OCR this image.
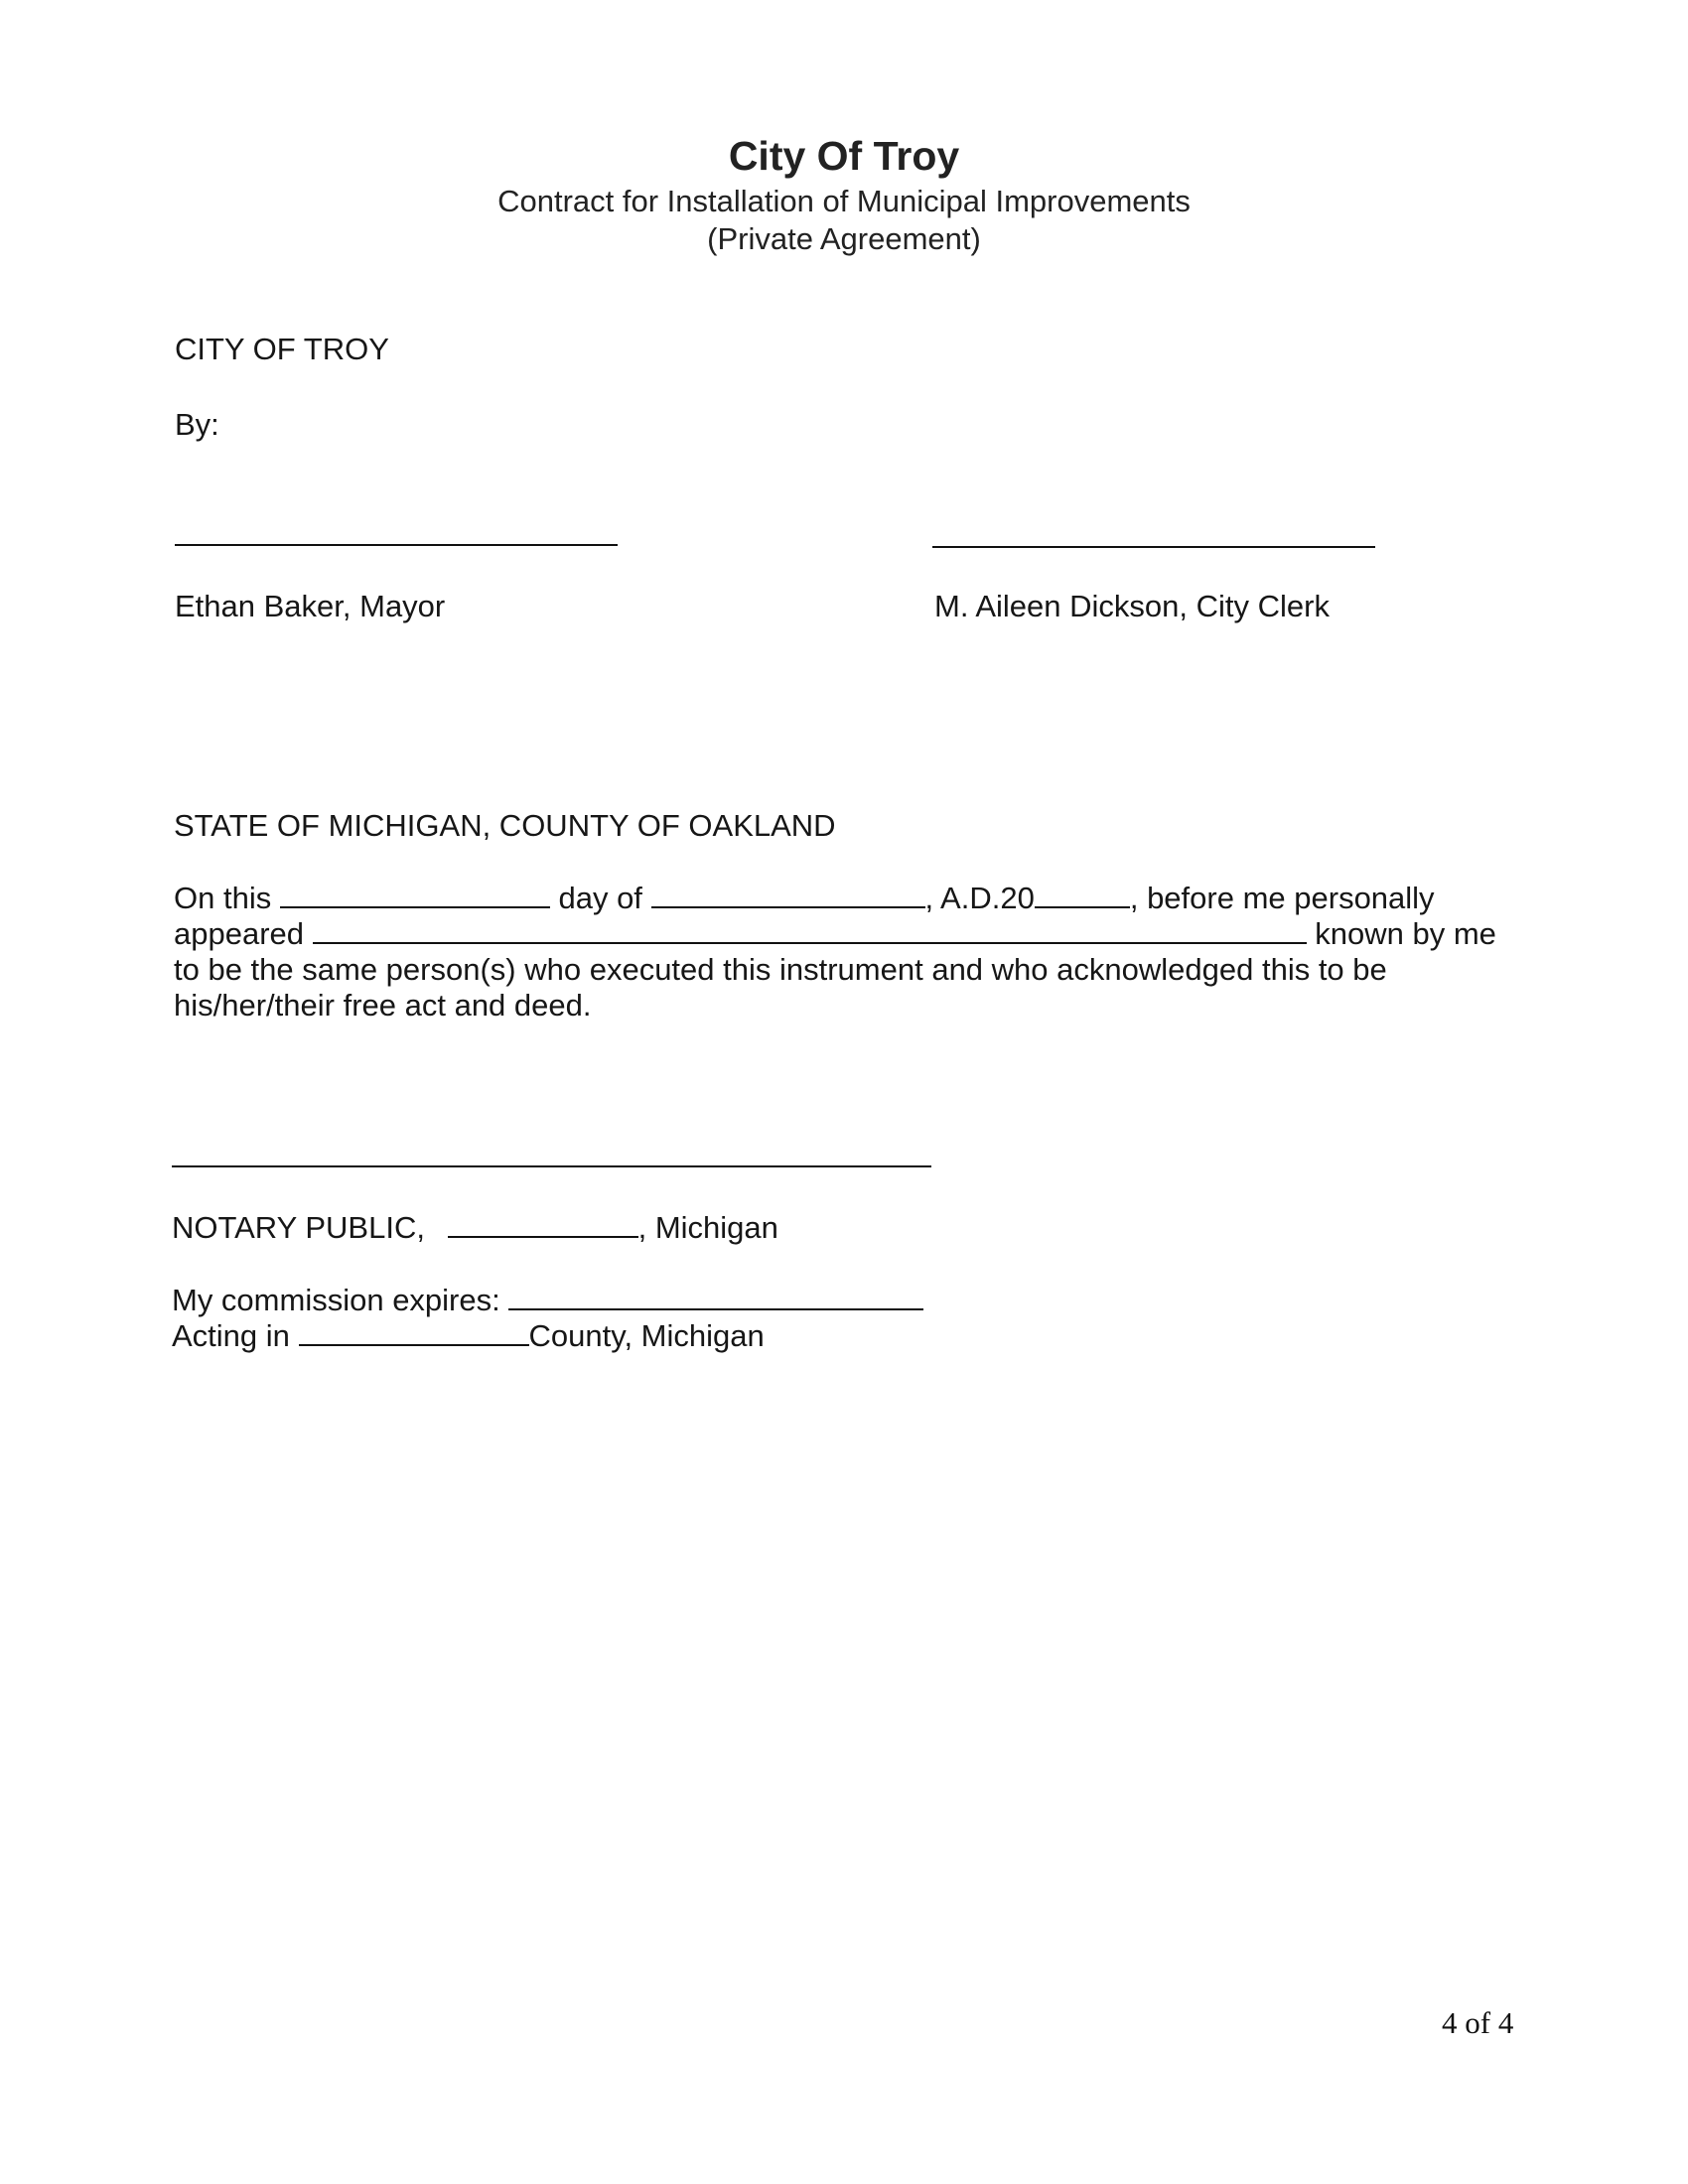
City Of Troy
Contract for Installation of Municipal Improvements
(Private Agreement)
CITY OF TROY
By:
Ethan Baker, Mayor	M. Aileen Dickson, City Clerk
STATE OF MICHIGAN, COUNTY OF OAKLAND
On this	day of	, A.D.20	, before me personally
appeared	known by me
to be the same person(s) who executed this instrument and who acknowledged this to be
his/her/their free act and deed.
NOTARY PUBLIC,	, Michigan
My commission expires:
Acting in	County, Michigan
4 of 4
